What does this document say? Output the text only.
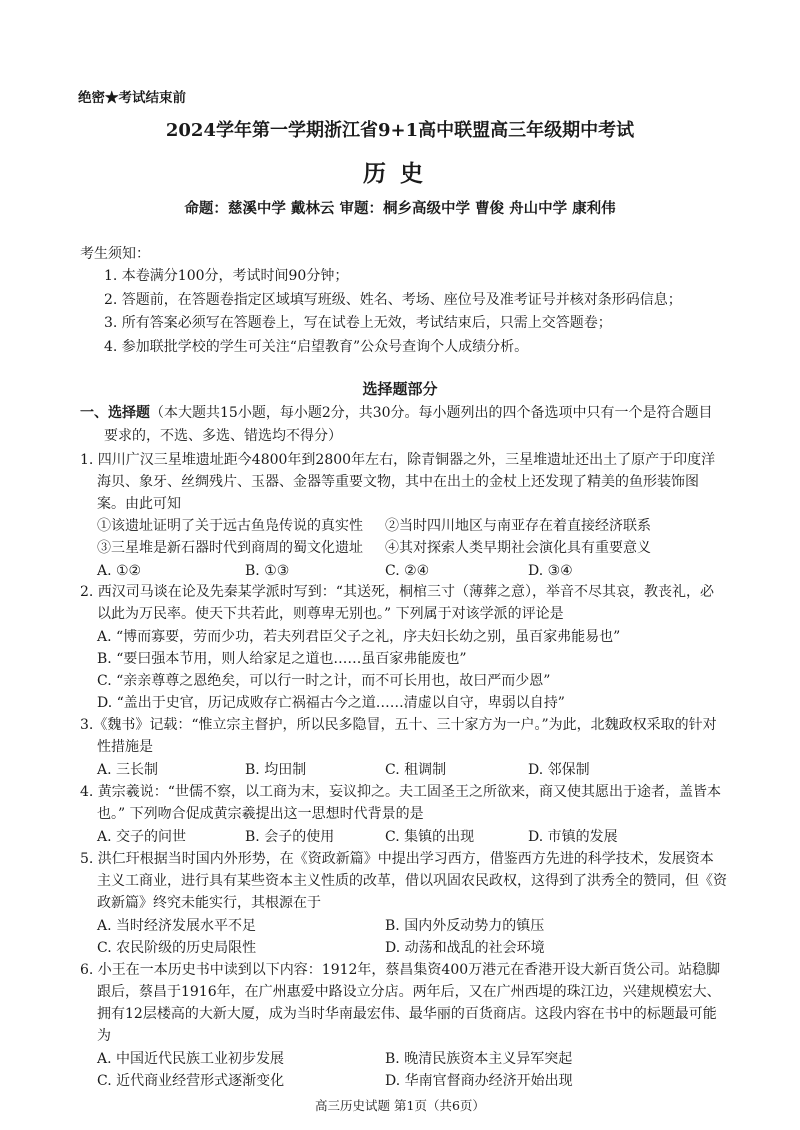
绝密★考试结束前
2024学年第一学期浙江省9+1高中联盟高三年级期中考试
历史
命题：慈溪中学 戴林云 审题：桐乡高级中学 曹俊 舟山中学 康利伟
考生须知：
1. 本卷满分100分，考试时间90分钟；
2. 答题前，在答题卷指定区域填写班级、姓名、考场、座位号及准考证号并核对条形码信息；
3. 所有答案必须写在答题卷上，写在试卷上无效，考试结束后，只需上交答题卷；
4. 参加联批学校的学生可关注“启望教育”公众号查询个人成绩分析。
选择题部分
一、选择题（本大题共15小题，每小题2分，共30分。每小题列出的四个备选项中只有一个是符合题目
要求的，不选、多选、错选均不得分）
1. 四川广汉三星堆遗址距今4800年到2800年左右，除青铜器之外，三星堆遗址还出土了原产于印度洋
海贝、象牙、丝绸残片、玉器、金器等重要文物，其中在出土的金杖上还发现了精美的鱼形装饰图
案。由此可知
①该遗址证明了关于远古鱼凫传说的真实性 ②当时四川地区与南亚存在着直接经济联系
③三星堆是新石器时代到商周的蜀文化遗址 ④其对探索人类早期社会演化具有重要意义
A. ①②	B. ①③	C. ②④	D. ③④
2. 西汉司马谈在论及先秦某学派时写到：“其送死，桐棺三寸（薄葬之意），举音不尽其哀，教丧礼，必
以此为万民率。使天下共若此，则尊卑无别也。” 下列属于对该学派的评论是
A. “博而寡要，劳而少功，若夫列君臣父子之礼，序夫妇长幼之别，虽百家弗能易也”
B. “要曰强本节用，则人给家足之道也……虽百家弗能废也”
C. “亲亲尊尊之恩绝矣，可以行一时之计，而不可长用也，故曰严而少恩”
D. “盖出于史官，历记成败存亡祸福古今之道……清虚以自守，卑弱以自持”
3.《魏书》记载：“惟立宗主督护，所以民多隐冒，五十、三十家方为一户。”为此，北魏政权采取的针对
性措施是
A. 三长制	B. 均田制	C. 租调制	D. 邻保制
4. 黄宗羲说：“世儒不察，以工商为末，妄议抑之。夫工固圣王之所欲来，商又使其愿出于途者，盖皆本
也。” 下列吻合促成黄宗羲提出这一思想时代背景的是
A. 交子的问世	B. 会子的使用	C. 集镇的出现	D. 市镇的发展
5. 洪仁玕根据当时国内外形势，在《资政新篇》中提出学习西方，借鉴西方先进的科学技术，发展资本
主义工商业，进行具有某些资本主义性质的改革，借以巩固农民政权，这得到了洪秀全的赞同，但《资
政新篇》终究未能实行，其根源在于
A. 当时经济发展水平不足	B. 国内外反动势力的镇压
C. 农民阶级的历史局限性	D. 动荡和战乱的社会环境
6. 小王在一本历史书中读到以下内容：1912年，蔡昌集资400万港元在香港开设大新百货公司。站稳脚
跟后，蔡昌于1916年，在广州惠爱中路设立分店。两年后，又在广州西堤的珠江边，兴建规模宏大、
拥有12层楼高的大新大厦，成为当时华南最宏伟、最华丽的百货商店。这段内容在书中的标题最可能
为
A. 中国近代民族工业初步发展	B. 晚清民族资本主义异军突起
C. 近代商业经营形式逐渐变化	D. 华南官督商办经济开始出现
高三历史试题 第1页（共6页）
